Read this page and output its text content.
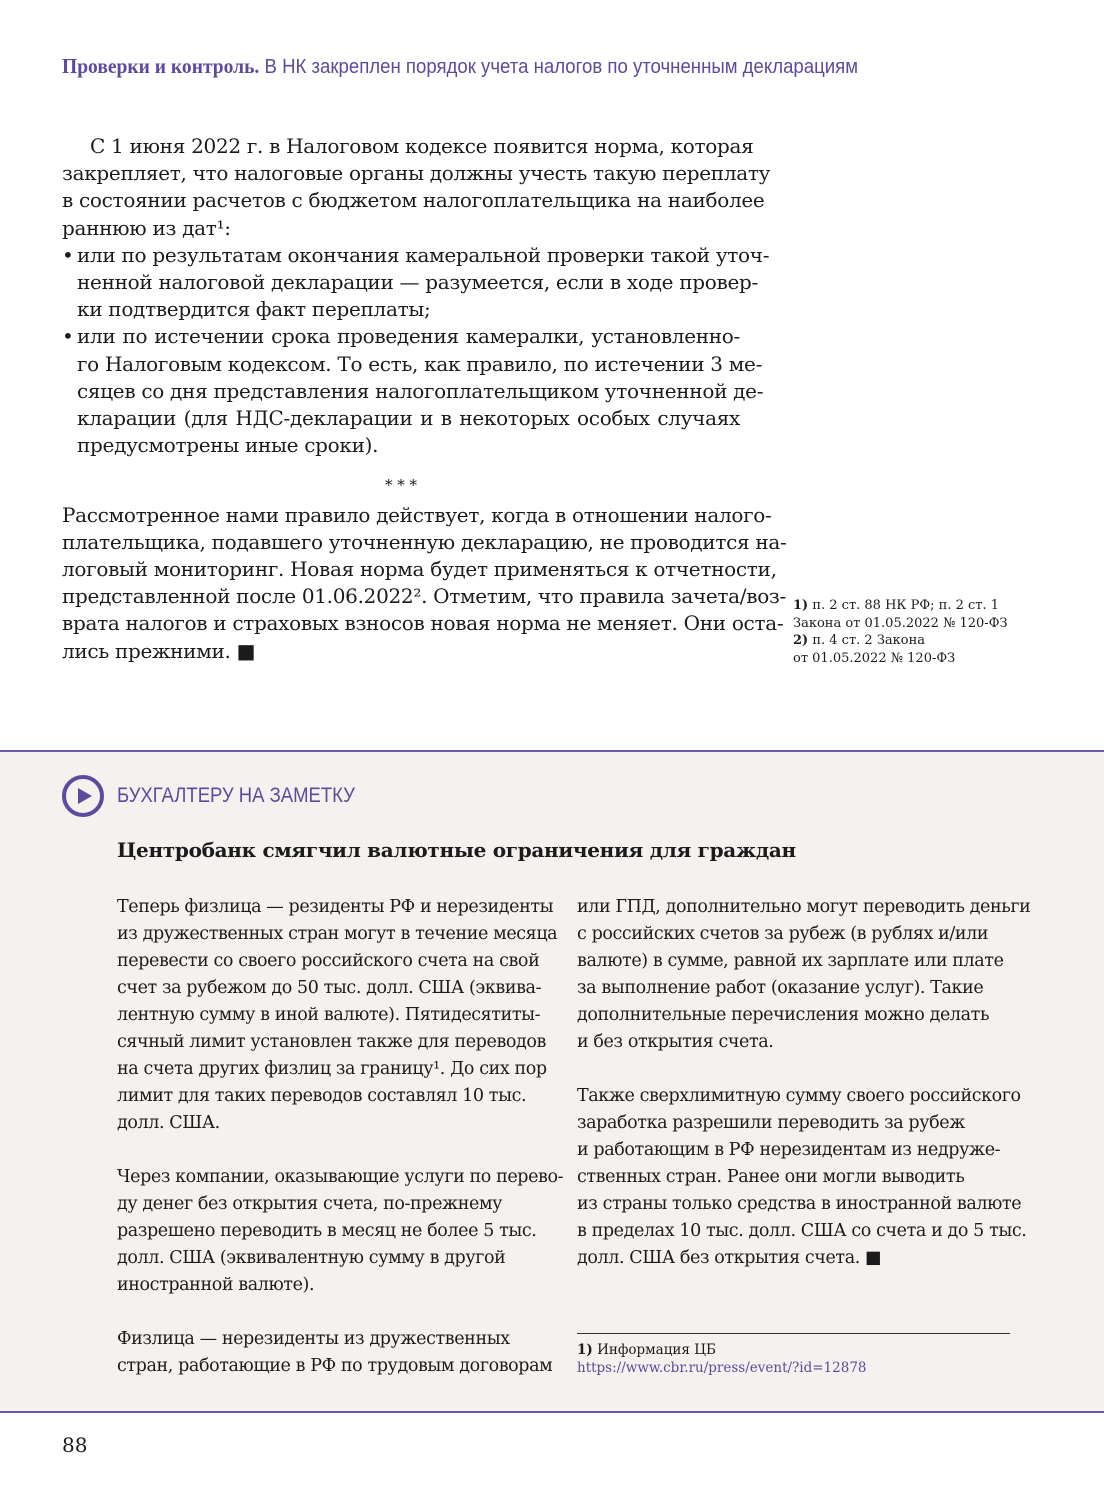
Проверки и контроль. В НК закреплен порядок учета налогов по уточненным декларациям
С 1 июня 2022 г. в Налоговом кодексе появится норма, которая
закрепляет, что налоговые органы должны учесть такую переплату
в состоянии расчетов с бюджетом налогоплательщика на наиболее
раннюю из дат¹:
• или по результатам окончания камеральной проверки такой уточ-
ненной налоговой декларации — разумеется, если в ходе провер-
ки подтвердится факт переплаты;
• или по истечении срока проведения камералки, установленно-
го Налоговым кодексом. То есть, как правило, по истечении 3 ме-
сяцев со дня представления налогоплательщиком уточненной де-
кларации (для НДС-декларации и в некоторых особых случаях
предусмотрены иные сроки).
* * *
Рассмотренное нами правило действует, когда в отношении налого-
плательщика, подавшего уточненную декларацию, не проводится на-
логовый мониторинг. Новая норма будет применяться к отчетности,
представленной после 01.06.2022². Отметим, что правила зачета/воз-
врата налогов и страховых взносов новая норма не меняет. Они оста-
лись прежними. ■
1) п. 2 ст. 88 НК РФ; п. 2 ст. 1
Закона от 01.05.2022 № 120-ФЗ
2) п. 4 ст. 2 Закона
от 01.05.2022 № 120-ФЗ
БУХГАЛТЕРУ НА ЗАМЕТКУ
Центробанк смягчил валютные ограничения для граждан
Теперь физлица — резиденты РФ и нерезиденты
из дружественных стран могут в течение месяца
перевести со своего российского счета на свой
счет за рубежом до 50 тыс. долл. США (эквива-
лентную сумму в иной валюте). Пятидесятиты-
сячный лимит установлен также для переводов
на счета других физлиц за границу¹. До сих пор
лимит для таких переводов составлял 10 тыс.
долл. США.
Через компании, оказывающие услуги по перево-
ду денег без открытия счета, по-прежнему
разрешено переводить в месяц не более 5 тыс.
долл. США (эквивалентную сумму в другой
иностранной валюте).
Физлица — нерезиденты из дружественных
стран, работающие в РФ по трудовым договорам
или ГПД, дополнительно могут переводить деньги
с российских счетов за рубеж (в рублях и/или
валюте) в сумме, равной их зарплате или плате
за выполнение работ (оказание услуг). Такие
дополнительные перечисления можно делать
и без открытия счета.
Также сверхлимитную сумму своего российского
заработка разрешили переводить за рубеж
и работающим в РФ нерезидентам из недруже-
ственных стран. Ранее они могли выводить
из страны только средства в иностранной валюте
в пределах 10 тыс. долл. США со счета и до 5 тыс.
долл. США без открытия счета. ■
1) Информация ЦБ
https://www.cbr.ru/press/event/?id=12878
88
